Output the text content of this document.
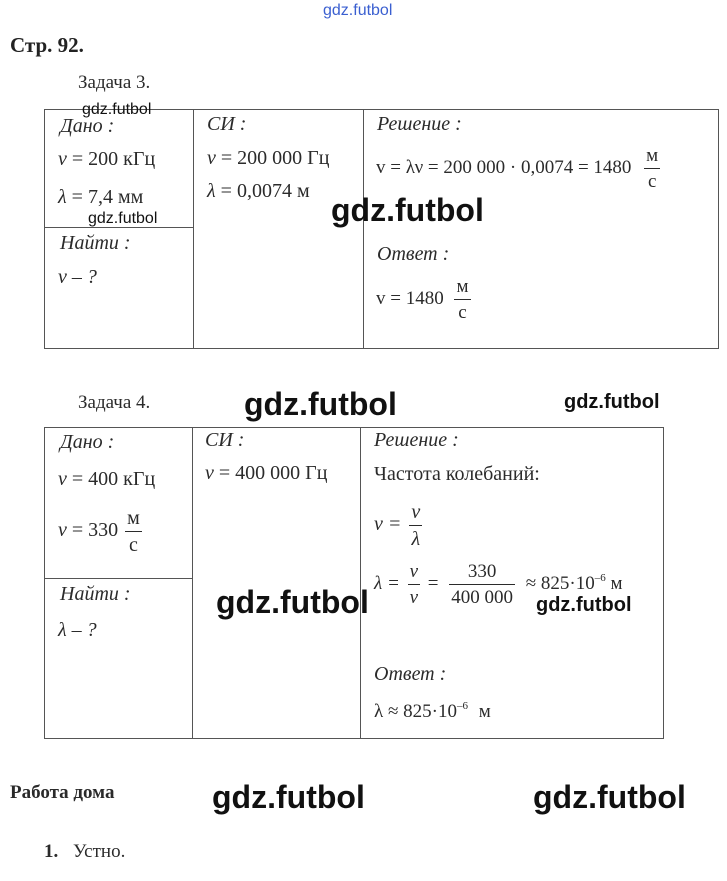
gdz.futbol
Стр. 92.
Задача 3.
Дано :
ν = 200 кГц
λ = 7,4 мм
Найти :
v – ?
СИ :
ν = 200 000 Гц
λ = 0,0074 м
Решение :
v = λν = 200 $000 \cdot 0,0074 = 1480 \frac{м}{с}$
Ответ :
$v = 1480 \frac{м}{с}$
gdz.futbol
gdz.futbol	gdz.futbol
Задача 4.	gdz.futbol	gdz.futbol
Дано :
ν = 400 кГц
$v = 330 \frac{м}{с}$
Найти :
λ – ?
СИ :
ν = 400 000 Гц
Решение :
Частота колебаний:
$\nu = \frac{v}{\lambda}$
$\lambda = \frac{v}{\nu} = \frac{330}{400 000} \approx 825\cdot 10^{-6}$ м
gdz.futbol
gdz.futbol
Ответ :
$\lambda \approx 825\cdot 10^{-6}$ м
Работа дома	gdz.futbol	gdz.futbol
1. Устно.
